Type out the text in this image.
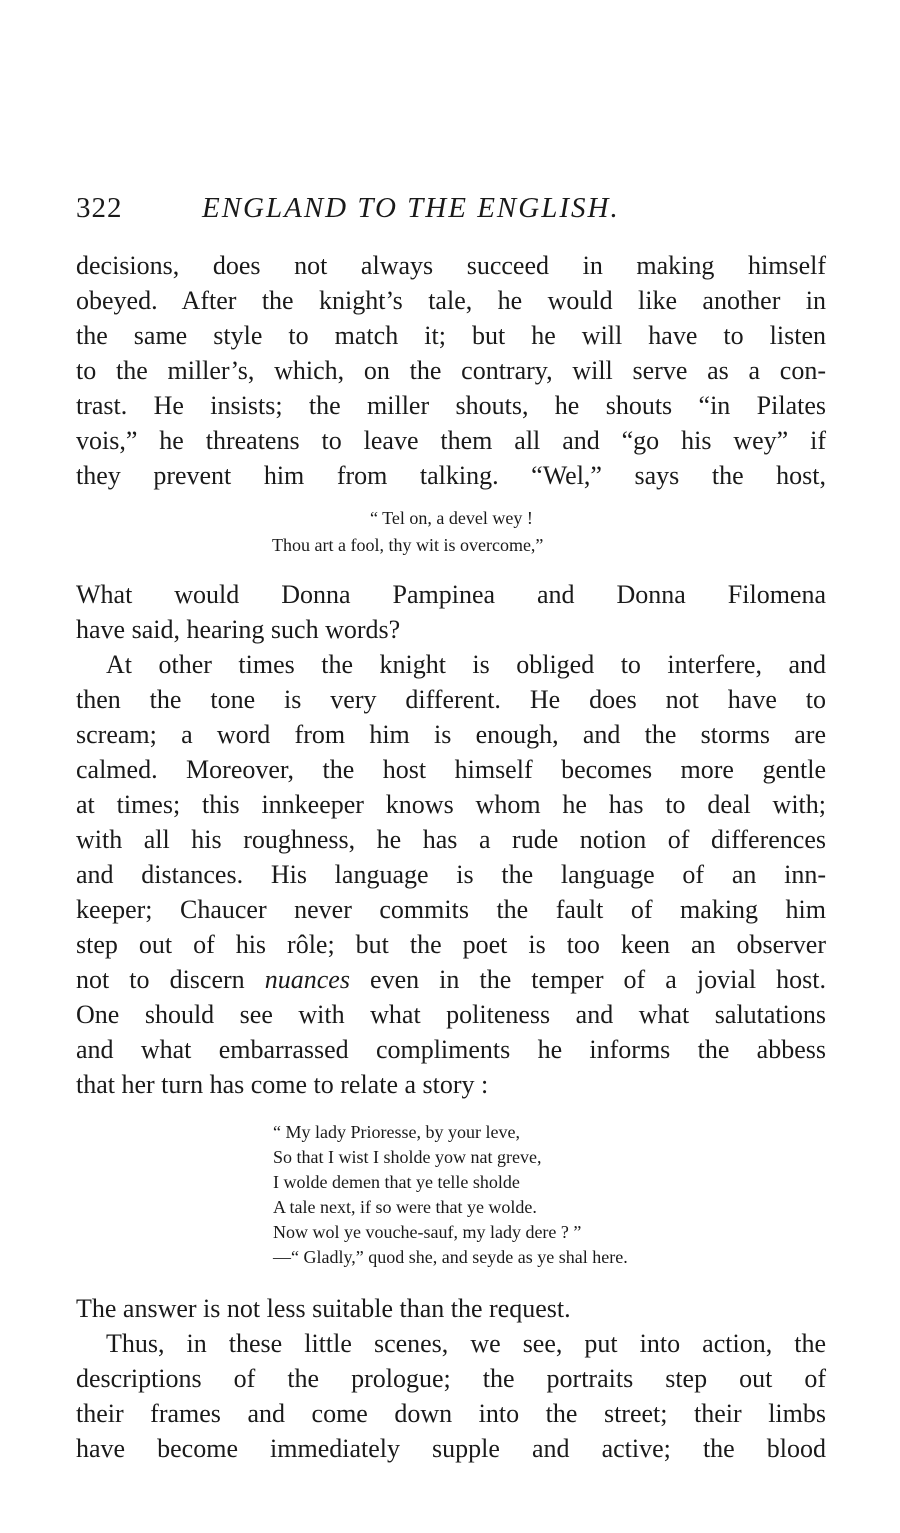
322	ENGLAND TO THE ENGLISH.
decisions, does not always succeed in making himself
obeyed. After the knight’s tale, he would like another in
the same style to match it; but he will have to listen
to the miller’s, which, on the contrary, will serve as a con-
trast. He insists; the miller shouts, he shouts “in Pilates
vois,” he threatens to leave them all and “go his wey” if
they prevent him from talking. “Wel,” says the host,
“ Tel on, a devel wey !
Thou art a fool, thy wit is overcome,”
What would Donna Pampinea and Donna Filomena
have said, hearing such words?
At other times the knight is obliged to interfere, and
then the tone is very different. He does not have to
scream; a word from him is enough, and the storms are
calmed. Moreover, the host himself becomes more gentle
at times; this innkeeper knows whom he has to deal with;
with all his roughness, he has a rude notion of differences
and distances. His language is the language of an inn-
keeper; Chaucer never commits the fault of making him
step out of his rôle; but the poet is too keen an observer
not to discern nuances even in the temper of a jovial host.
One should see with what politeness and what salutations
and what embarrassed compliments he informs the abbess
that her turn has come to relate a story :
“ My lady Prioresse, by your leve,
So that I wist I sholde yow nat greve,
I wolde demen that ye telle sholde
A tale next, if so were that ye wolde.
Now wol ye vouche-sauf, my lady dere ? ”
—“ Gladly,” quod she, and seyde as ye shal here.
The answer is not less suitable than the request.
Thus, in these little scenes, we see, put into action, the
descriptions of the prologue; the portraits step out of
their frames and come down into the street; their limbs
have become immediately supple and active; the blood
